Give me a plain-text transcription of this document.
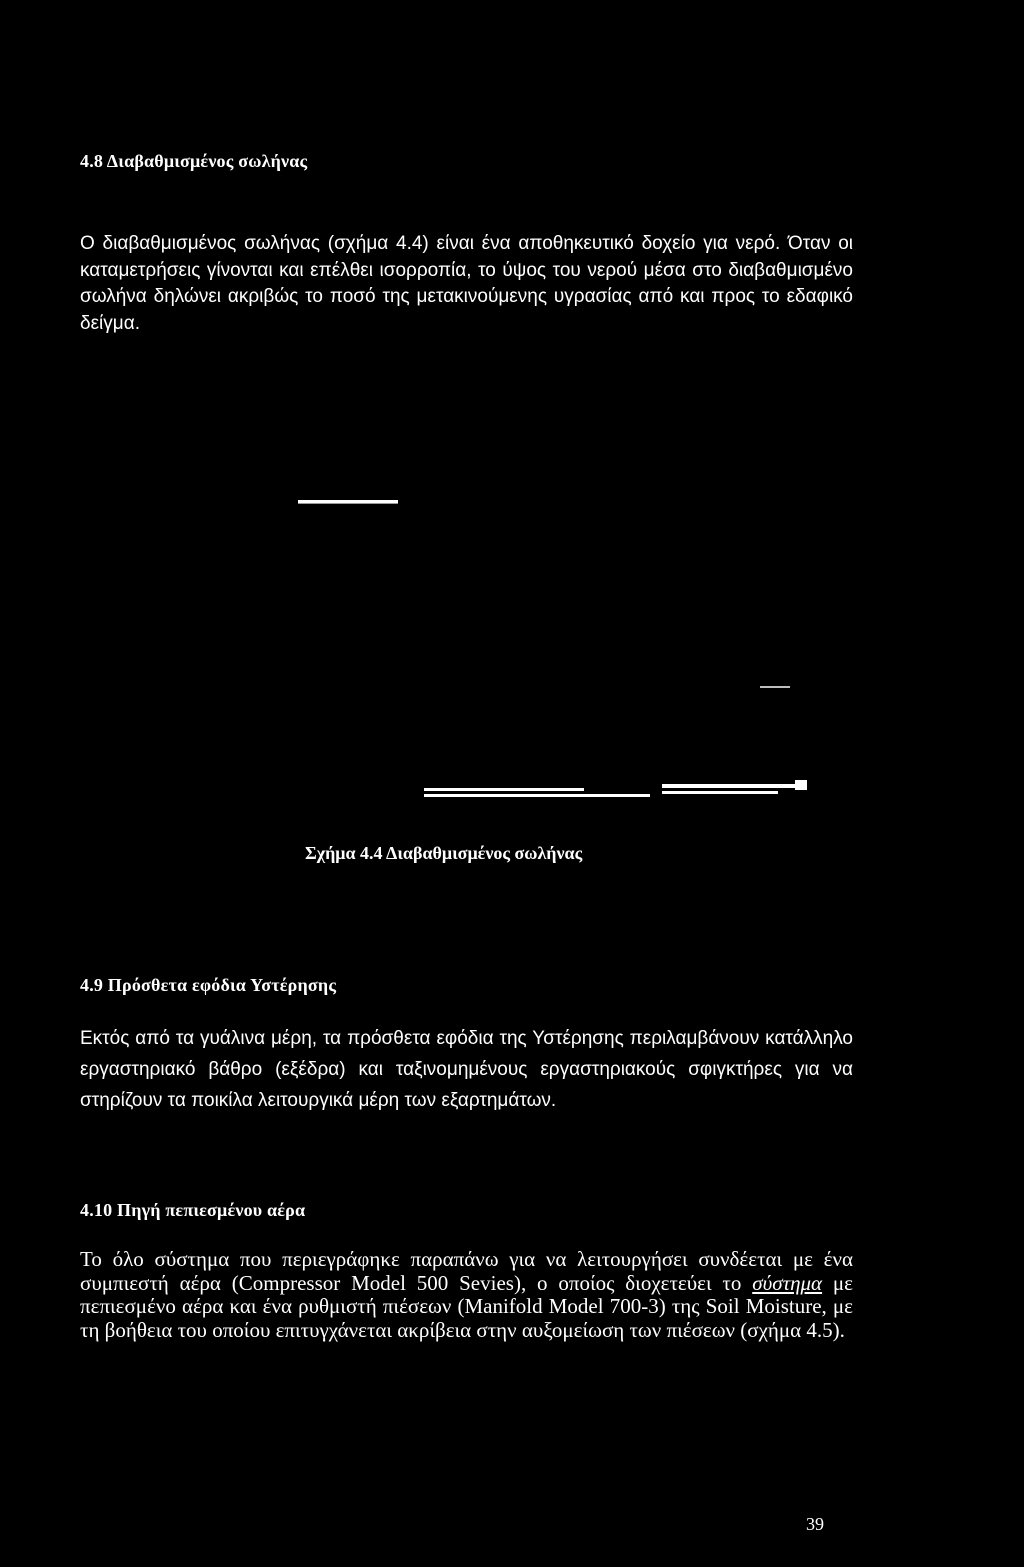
4.8 Διαβαθμισμένος σωλήνας

Ο διαβαθμισμένος σωλήνας (σχήμα 4.4) είναι ένα αποθηκευτικό δοχείο για νερό. Όταν οι καταμετρήσεις γίνονται και επέλθει ισορροπία, το ύψος του νερού μέσα στο διαβαθμισμένο σωλήνα δηλώνει ακριβώς το ποσό της μετακινούμενης υγρασίας από και προς το εδαφικό δείγμα.

Σχήμα 4.4 Διαβαθμισμένος σωλήνας
4.9 Πρόσθετα εφόδια Υστέρησης

Εκτός από τα γυάλινα μέρη, τα πρόσθετα εφόδια της Υστέρησης περιλαμβάνουν κατάλληλο εργαστηριακό βάθρο (εξέδρα) και ταξινομημένους εργαστηριακούς σφιγκτήρες για να στηρίζουν τα ποικίλα λειτουργικά μέρη των εξαρτημάτων.

4.10 Πηγή πεπιεσμένου αέρα

Το όλο σύστημα που περιεγράφηκε παραπάνω για να λειτουργήσει συνδέεται με ένα συμπιεστή αέρα (Compressor Model 500 Sevies), ο οποίος διοχετεύει το σύστημα με πεπιεσμένο αέρα και ένα ρυθμιστή πιέσεων (Manifold Model 700-3) της Soil Moisture, με τη βοήθεια του οποίου επιτυγχάνεται ακρίβεια στην αυξομείωση των πιέσεων (σχήμα 4.5).

39
